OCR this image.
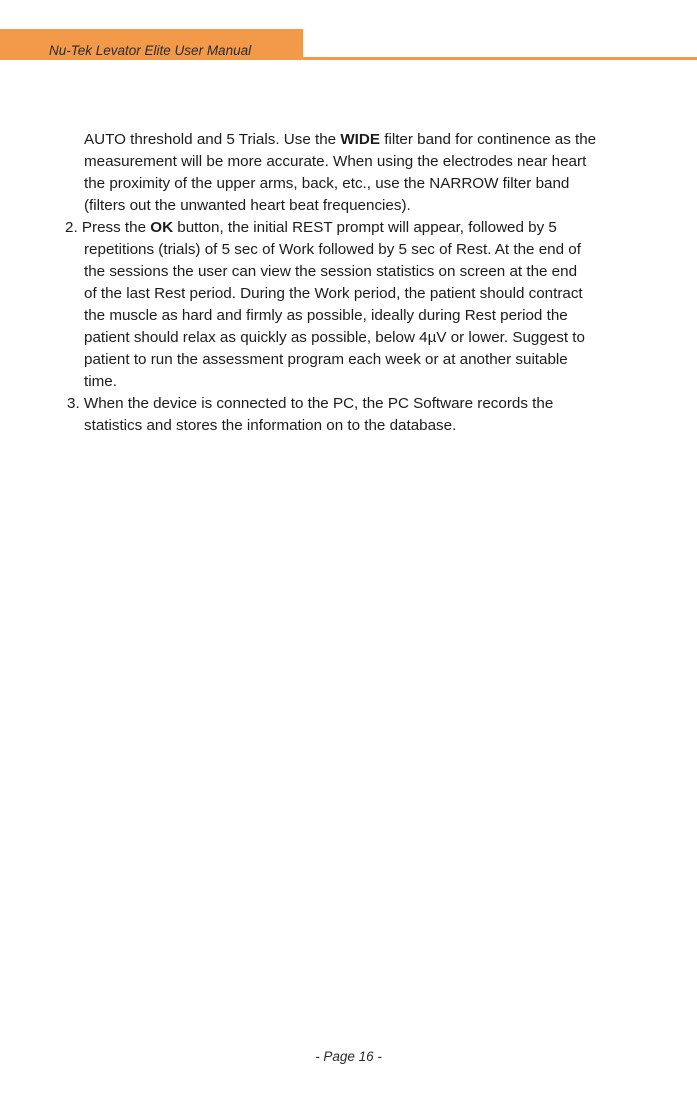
Nu-Tek Levator Elite User Manual
AUTO threshold and 5 Trials. Use the WIDE filter band for continence as the
measurement will be more accurate. When using the electrodes near heart
the proximity of the upper arms, back, etc., use the NARROW filter band
(filters out the unwanted heart beat frequencies).
2. Press the OK button, the initial REST prompt will appear, followed by 5
repetitions (trials) of 5 sec of Work followed by 5 sec of Rest. At the end of
the sessions the user can view the session statistics on screen at the end
of the last Rest period. During the Work period, the patient should contract
the muscle as hard and firmly as possible, ideally during Rest period the
patient should relax as quickly as possible, below 4µV or lower. Suggest to
patient to run the assessment program each week or at another suitable
time.
3. When the device is connected to the PC, the PC Software records the
statistics and stores the information on to the database.
- Page 16 -
